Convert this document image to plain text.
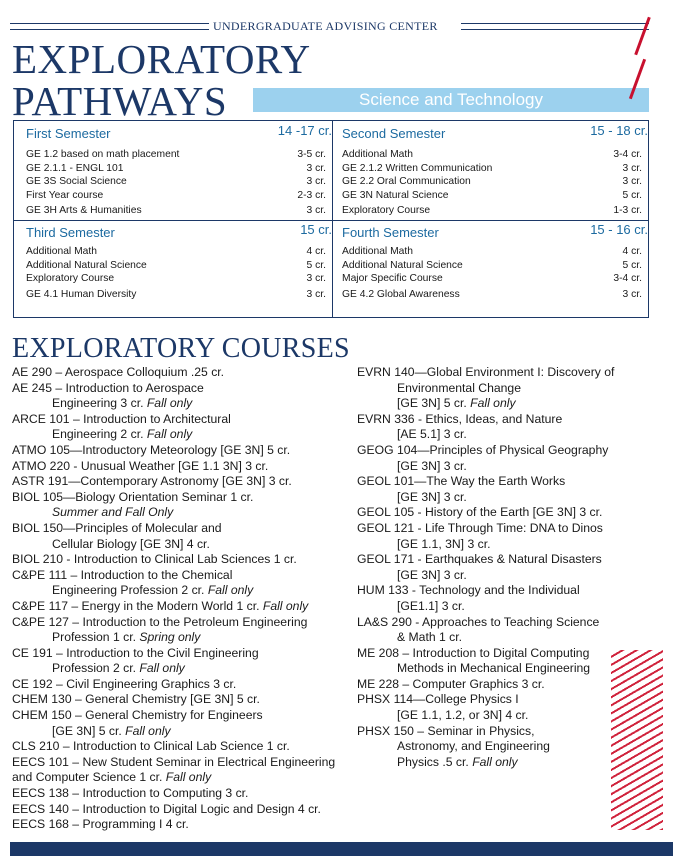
UNDERGRADUATE ADVISING CENTER
EXPLORATORY
PATHWAYS	Science and Technology
First Semester	14 -17 cr.
GE 1.2 based on math placement	3-5 cr.
GE 2.1.1 - ENGL 101	3 cr.
GE 3S Social Science	3 cr.
First Year course	2-3 cr.
GE 3H Arts & Humanities	3 cr.
Second Semester	15 - 18 cr.
Additional Math	3-4 cr.
GE 2.1.2 Written Communication	3 cr.
GE 2.2 Oral Communication	3 cr.
GE 3N Natural Science	5 cr.
Exploratory Course	1-3 cr.
Third Semester	15 cr.
Additional Math	4 cr.
Additional Natural Science	5 cr.
Exploratory Course	3 cr.
GE 4.1 Human Diversity	3 cr.
Fourth Semester	15 - 16 cr.
Additional Math	4 cr.
Additional Natural Science	5 cr.
Major Specific Course	3-4 cr.
GE 4.2 Global Awareness	3 cr.
EXPLORATORY COURSES
AE 290 – Aerospace Colloquium .25 cr.
AE 245 – Introduction to Aerospace
Engineering 3 cr. Fall only
ARCE 101 – Introduction to Architectural
Engineering 2 cr. Fall only
ATMO 105—Introductory Meteorology [GE 3N] 5 cr.
ATMO 220 - Unusual Weather [GE 1.1 3N] 3 cr.
ASTR 191—Contemporary Astronomy [GE 3N] 3 cr.
BIOL 105—Biology Orientation Seminar 1 cr.
Summer and Fall Only
BIOL 150—Principles of Molecular and
Cellular Biology [GE 3N] 4 cr.
BIOL 210 - Introduction to Clinical Lab Sciences 1 cr.
C&PE 111 – Introduction to the Chemical
Engineering Profession 2 cr. Fall only
C&PE 117 – Energy in the Modern World 1 cr. Fall only
C&PE 127 – Introduction to the Petroleum Engineering
Profession 1 cr. Spring only
CE 191 – Introduction to the Civil Engineering
Profession 2 cr. Fall only
CE 192 – Civil Engineering Graphics 3 cr.
CHEM 130 – General Chemistry [GE 3N] 5 cr.
CHEM 150 – General Chemistry for Engineers
[GE 3N] 5 cr. Fall only
CLS 210 – Introduction to Clinical Lab Science 1 cr.
EECS 101 – New Student Seminar in Electrical Engineering
and Computer Science 1 cr. Fall only
EECS 138 – Introduction to Computing 3 cr.
EECS 140 – Introduction to Digital Logic and Design 4 cr.
EECS 168 – Programming I 4 cr.
EVRN 140—Global Environment I: Discovery of
Environmental Change
[GE 3N] 5 cr. Fall only
EVRN 336 - Ethics, Ideas, and Nature
[AE 5.1] 3 cr.
GEOG 104—Principles of Physical Geography
[GE 3N] 3 cr.
GEOL 101—The Way the Earth Works
[GE 3N] 3 cr.
GEOL 105 - History of the Earth [GE 3N] 3 cr.
GEOL 121 - Life Through Time: DNA to Dinos
[GE 1.1, 3N] 3 cr.
GEOL 171 - Earthquakes & Natural Disasters
[GE 3N] 3 cr.
HUM 133 - Technology and the Individual
[GE1.1] 3 cr.
LA&S 290 - Approaches to Teaching Science
& Math 1 cr.
ME 208 – Introduction to Digital Computing
Methods in Mechanical Engineering
ME 228 – Computer Graphics 3 cr.
PHSX 114—College Physics I
[GE 1.1, 1.2, or 3N] 4 cr.
PHSX 150 – Seminar in Physics,
Astronomy, and Engineering
Physics .5 cr. Fall only
